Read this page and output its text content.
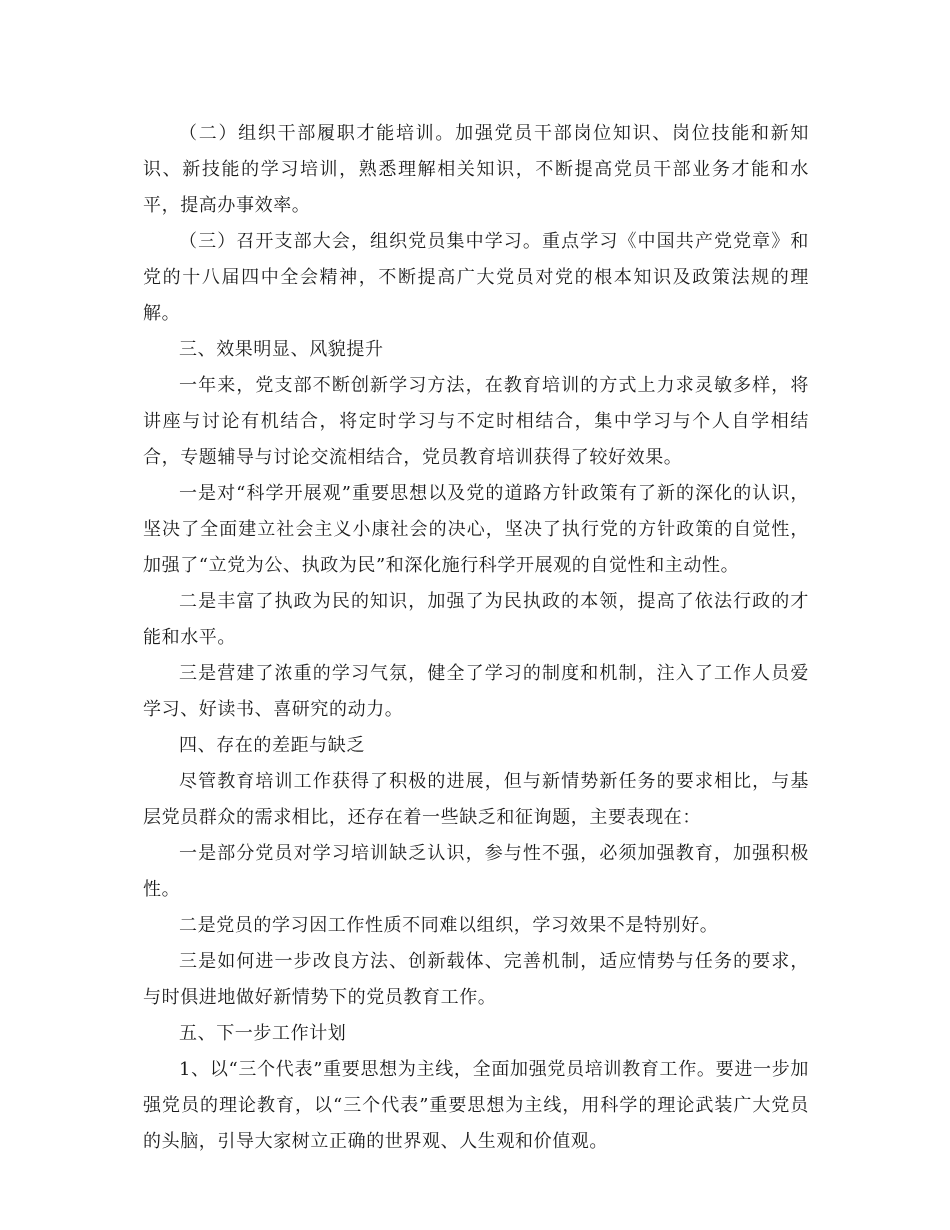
（二）组织干部履职才能培训。加强党员干部岗位知识、岗位技能和新知识、新技能的学习培训，熟悉理解相关知识，不断提高党员干部业务才能和水平，提高办事效率。

（三）召开支部大会，组织党员集中学习。重点学习《中国共产党党章》和党的十八届四中全会精神，不断提高广大党员对党的根本知识及政策法规的理解。

三、效果明显、风貌提升

一年来，党支部不断创新学习方法，在教育培训的方式上力求灵敏多样，将讲座与讨论有机结合，将定时学习与不定时相结合，集中学习与个人自学相结合，专题辅导与讨论交流相结合，党员教育培训获得了较好效果。

一是对“科学开展观”重要思想以及党的道路方针政策有了新的深化的认识，坚决了全面建立社会主义小康社会的决心，坚决了执行党的方针政策的自觉性，加强了“立党为公、执政为民”和深化施行科学开展观的自觉性和主动性。

二是丰富了执政为民的知识，加强了为民执政的本领，提高了依法行政的才能和水平。

三是营建了浓重的学习气氛，健全了学习的制度和机制，注入了工作人员爱学习、好读书、喜研究的动力。

四、存在的差距与缺乏

尽管教育培训工作获得了积极的进展，但与新情势新任务的要求相比，与基层党员群众的需求相比，还存在着一些缺乏和征询题，主要表现在：

一是部分党员对学习培训缺乏认识，参与性不强，必须加强教育，加强积极性。

二是党员的学习因工作性质不同难以组织，学习效果不是特别好。

三是如何进一步改良方法、创新载体、完善机制，适应情势与任务的要求，与时俱进地做好新情势下的党员教育工作。

五、下一步工作计划

1、以“三个代表”重要思想为主线，全面加强党员培训教育工作。要进一步加强党员的理论教育，以“三个代表”重要思想为主线，用科学的理论武装广大党员的头脑，引导大家树立正确的世界观、人生观和价值观。
